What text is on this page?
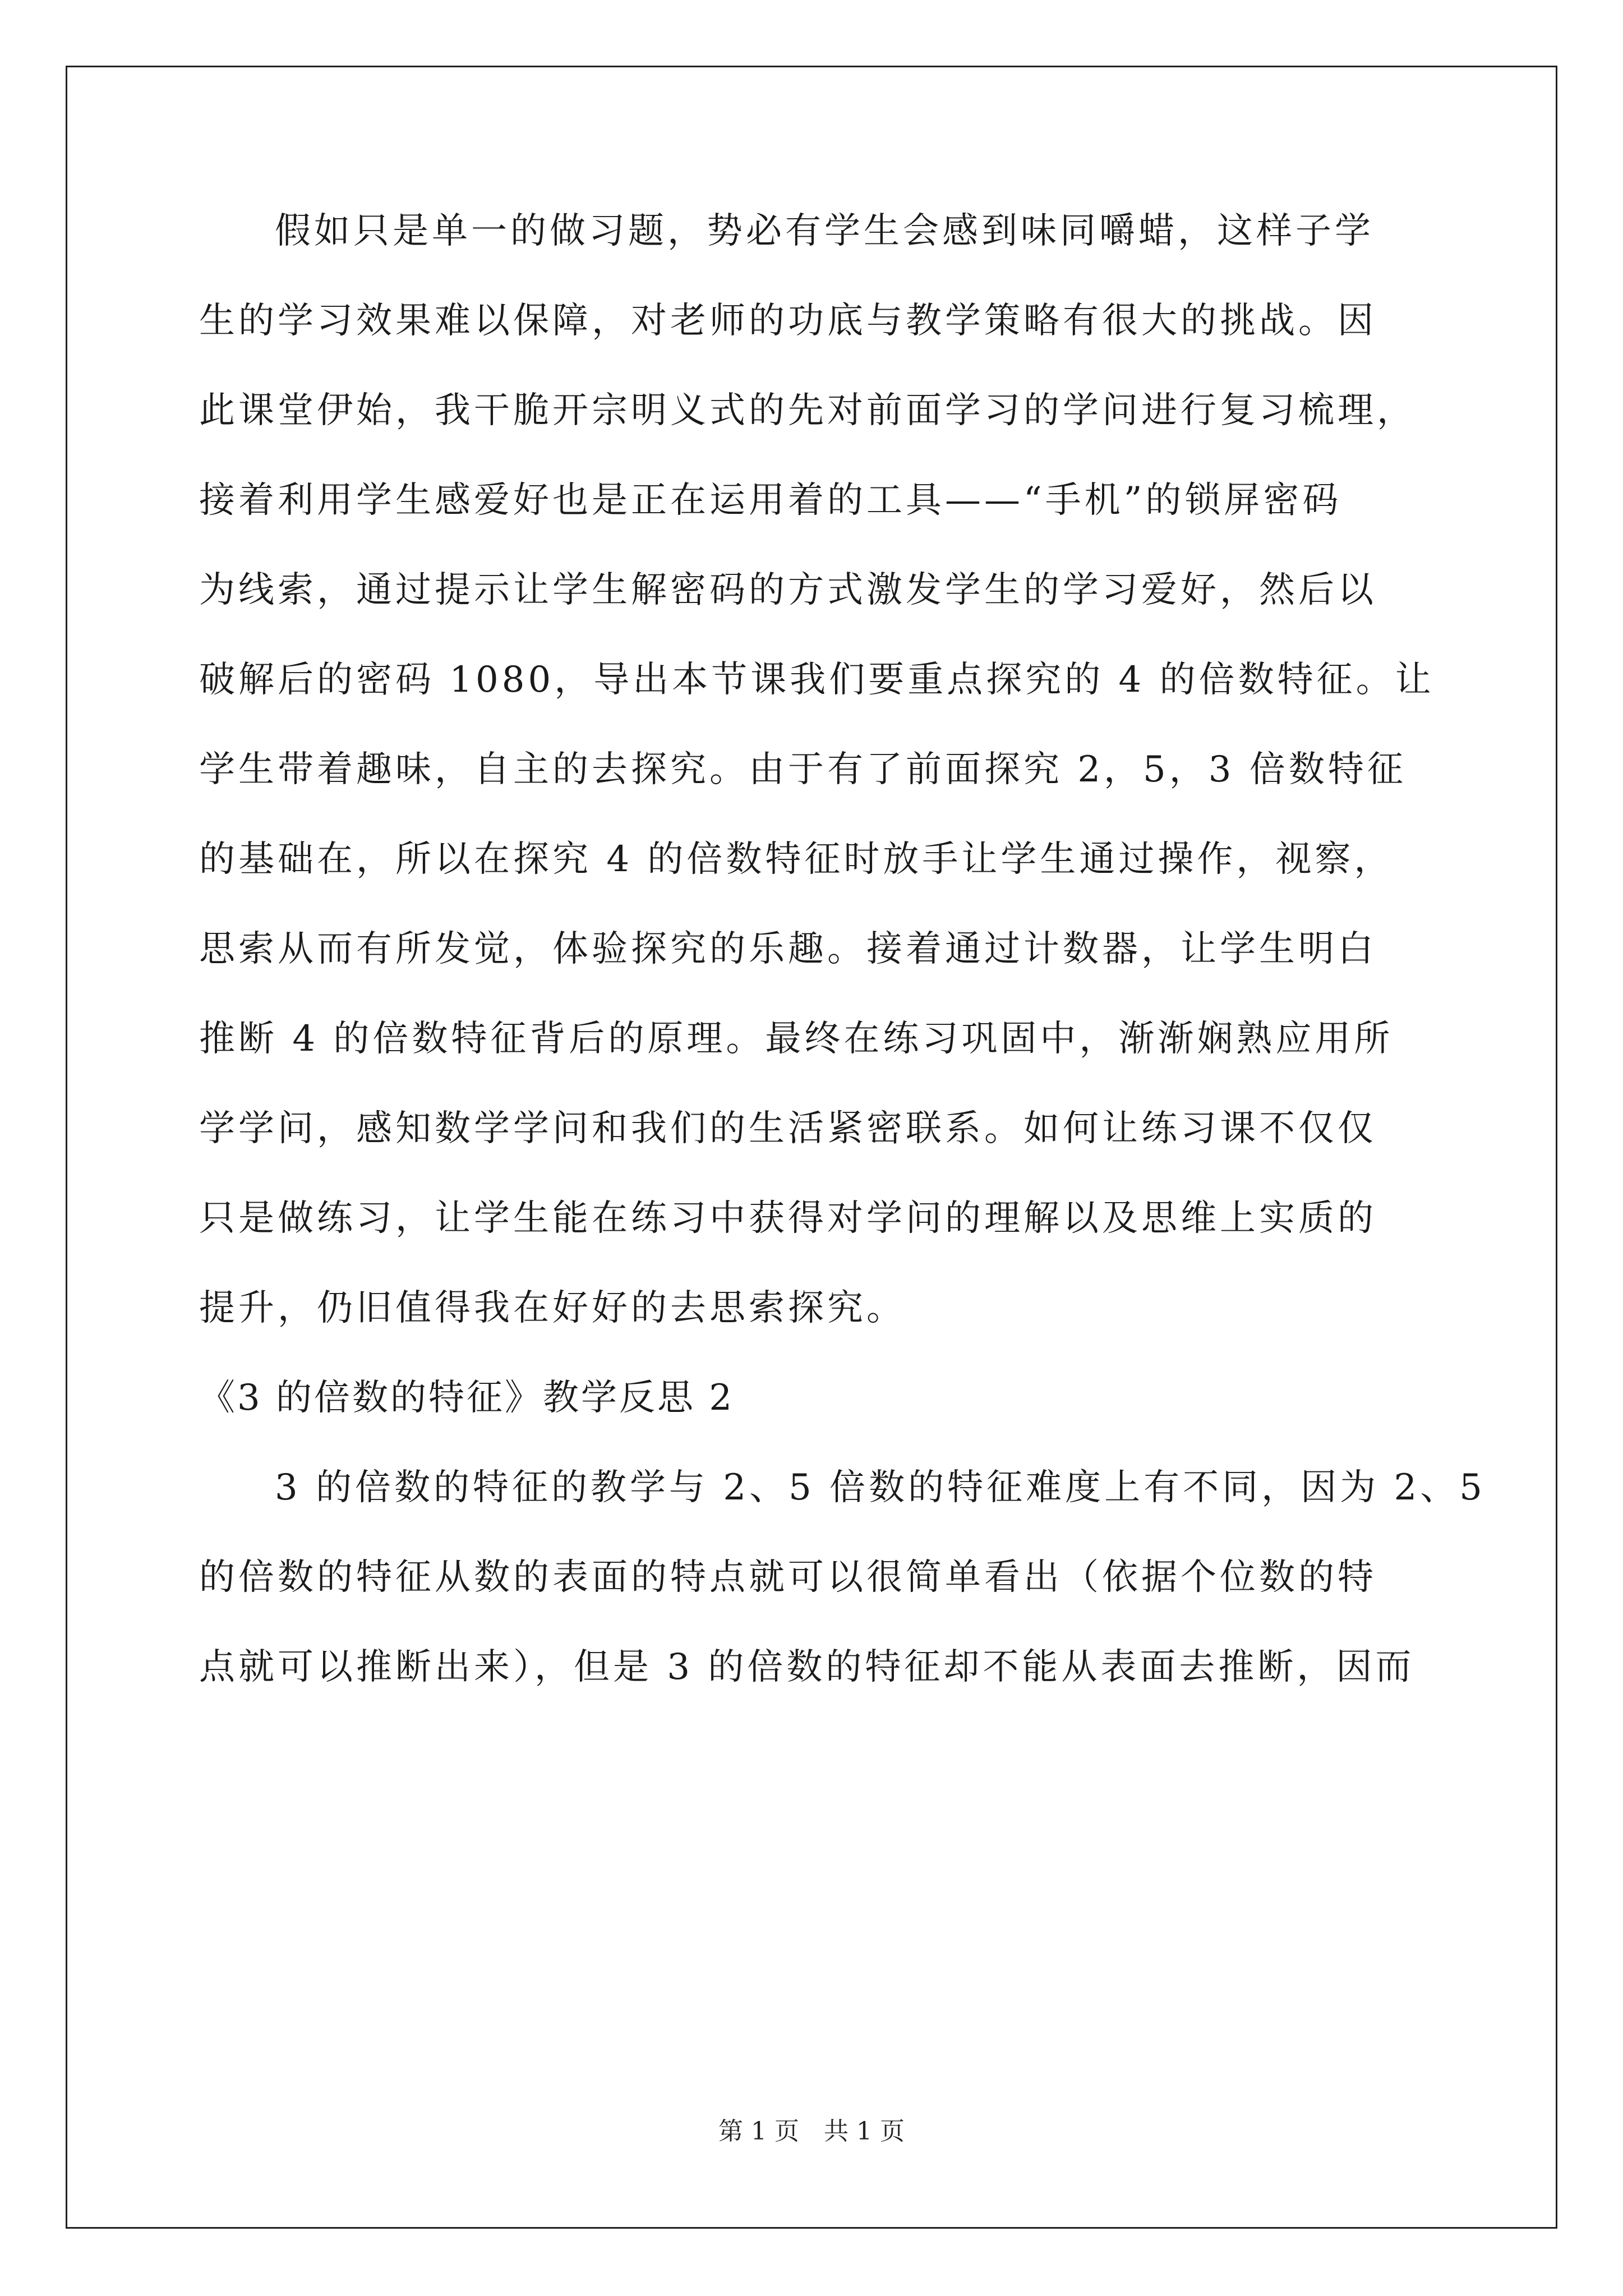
假如只是单一的做习题，势必有学生会感到味同嚼蜡，这样子学
生的学习效果难以保障，对老师的功底与教学策略有很大的挑战。因
此课堂伊始，我干脆开宗明义式的先对前面学习的学问进行复习梳理，
接着利用学生感爱好也是正在运用着的工具——“手机”的锁屏密码
为线索，通过提示让学生解密码的方式激发学生的学习爱好，然后以
破解后的密码 1080，导出本节课我们要重点探究的 4 的倍数特征。让
学生带着趣味，自主的去探究。由于有了前面探究 2，5，3 倍数特征
的基础在，所以在探究 4 的倍数特征时放手让学生通过操作，视察，
思索从而有所发觉，体验探究的乐趣。接着通过计数器，让学生明白
推断 4 的倍数特征背后的原理。最终在练习巩固中，渐渐娴熟应用所
学学问，感知数学学问和我们的生活紧密联系。如何让练习课不仅仅
只是做练习，让学生能在练习中获得对学问的理解以及思维上实质的
提升，仍旧值得我在好好的去思索探究。
《3 的倍数的特征》教学反思 2
3 的倍数的特征的教学与 2、5 倍数的特征难度上有不同，因为 2、5
的倍数的特征从数的表面的特点就可以很简单看出（依据个位数的特
点就可以推断出来），但是 3 的倍数的特征却不能从表面去推断，因而
第 1 页　共 1 页
